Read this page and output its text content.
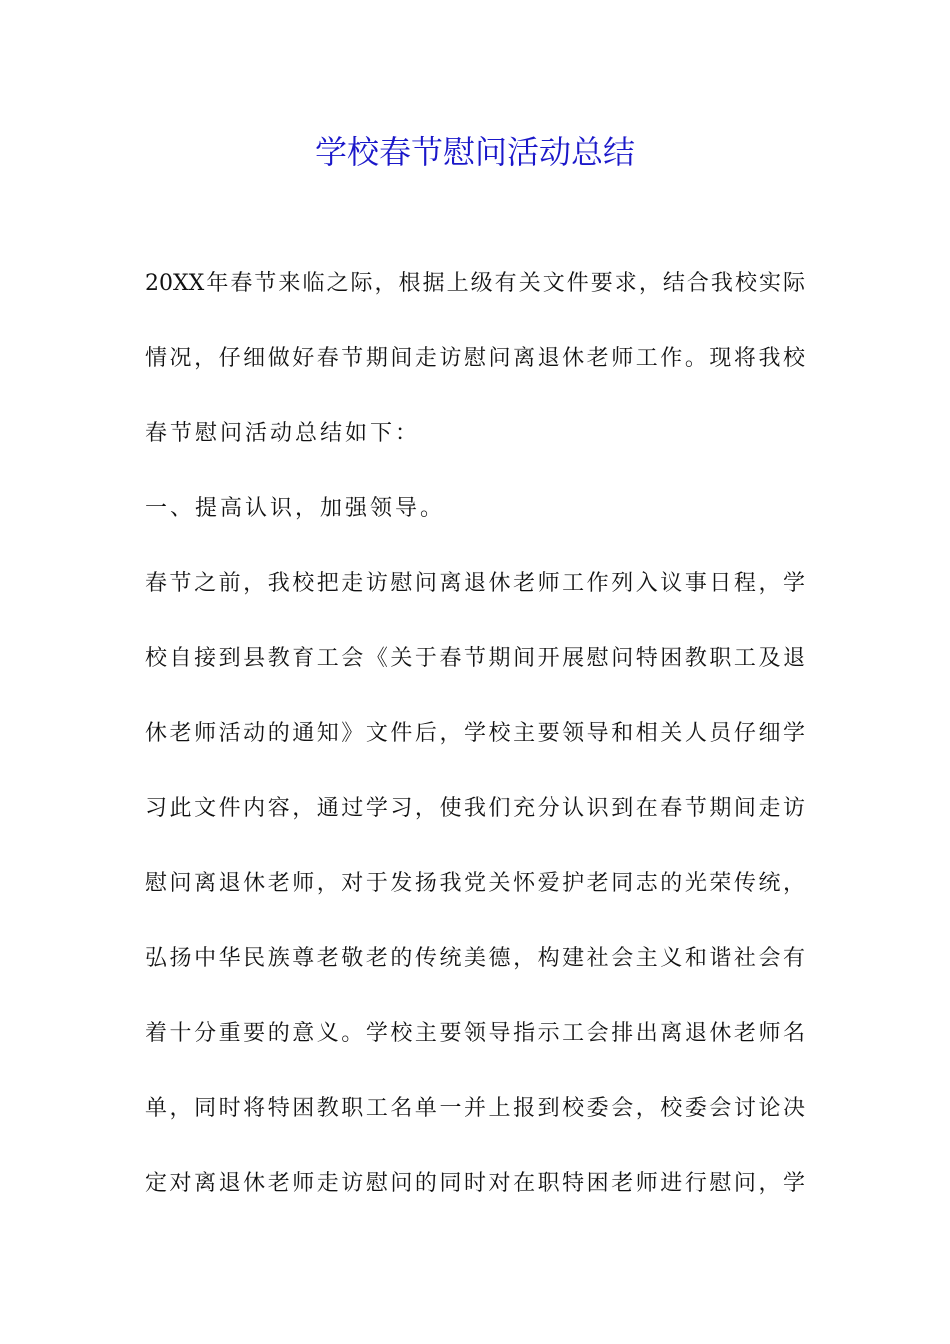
学校春节慰问活动总结

20XX年春节来临之际，根据上级有关文件要求，结合我校实际

情况，仔细做好春节期间走访慰问离退休老师工作。现将我校

春节慰问活动总结如下：

一、提高认识，加强领导。

春节之前，我校把走访慰问离退休老师工作列入议事日程，学

校自接到县教育工会《关于春节期间开展慰问特困教职工及退

休老师活动的通知》文件后，学校主要领导和相关人员仔细学

习此文件内容，通过学习，使我们充分认识到在春节期间走访

慰问离退休老师，对于发扬我党关怀爱护老同志的光荣传统，

弘扬中华民族尊老敬老的传统美德，构建社会主义和谐社会有

着十分重要的意义。学校主要领导指示工会排出离退休老师名

单，同时将特困教职工名单一并上报到校委会，校委会讨论决

定对离退休老师走访慰问的同时对在职特困老师进行慰问，学
